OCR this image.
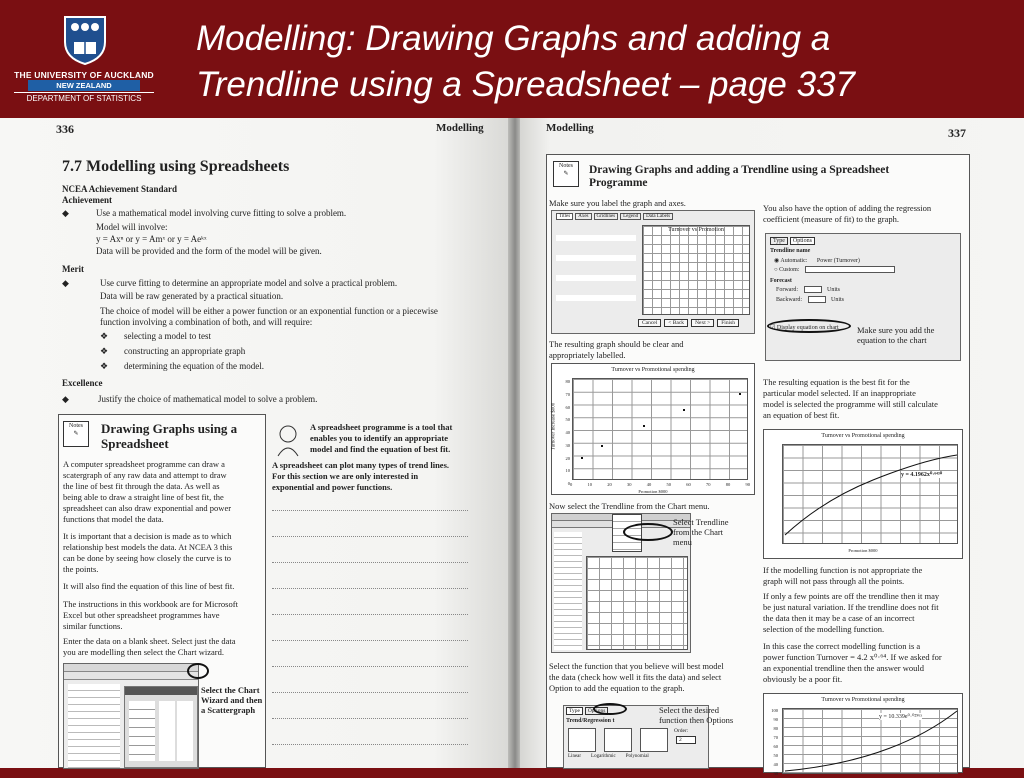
THE UNIVERSITY OF AUCKLAND
NEW ZEALAND
DEPARTMENT OF STATISTICS
Modelling: Drawing Graphs and adding a
Trendline using a Spreadsheet – page 337
336	Modelling
7.7 Modelling using Spreadsheets
NCEA Achievement Standard
Achievement
◆	Use a mathematical model involving curve fitting to solve a problem.
Model will involve:
y = Axⁿ or y = Amˣ or y = Aeᵏˣ
Data will be provided and the form of the model will be given.
Merit
◆	Use curve fitting to determine an appropriate model and solve a practical problem.
Data will be raw generated by a practical situation.
The choice of model will be either a power function or an exponential function or a piecewise
function involving a combination of both, and will require:
❖ selecting a model to test
❖ constructing an appropriate graph
❖ determining the equation of the model.
Excellence
◆	Justify the choice of mathematical model to solve a problem.
Notes
✎	Drawing Graphs using a
Spreadsheet
A computer spreadsheet programme can draw a
scatergraph of any raw data and attempt to draw
the line of best fit through the data. As well as
being able to draw a straight line of best fit, the
spreadsheet can also draw exponential and power
functions that model the data.
It is important that a decision is made as to which
relationship best models the data. At NCEA 3 this
can be done by seeing how closely the curve is to
the points.
It will also find the equation of this line of best fit.
The instructions in this workbook are for Microsoft
Excel but other spreadsheet programmes have
similar functions.
Enter the data on a blank sheet. Select just the data
you are modelling then select the Chart wizard.
Select the Chart
Wizard and then
a Scattergraph
A spreadsheet programme is a tool that
enables you to identify an appropriate
model and find the equation of best fit.
A spreadsheet can plot many types of trend lines.
For this section we are only interested in
exponential and power functions.
Modelling	337
Notes
✎	Drawing Graphs and adding a Trendline using a Spreadsheet
Programme
Make sure you label the graph and axes.
Titles	Axes	Gridlines	Legend	Data Labels
Turnover vs Promotion
Cancel	< Back	Next >	Finish
The resulting graph should be clear and
appropriately labelled.
Turnover vs Promotional spending
Turnover Increase $000
80
70
60
50
40
30
20
10
0 0	10	20	30	40	50	60	70	80	90
Promotion $000
Now select the Trendline from the Chart menu.
Select Trendline
from the Chart
menu
Select the function that you believe will best model
the data (check how well it fits the data) and select
Option to add the equation to the graph.
Type	Options
Trend/Regression t
Order:
2
Linear Logarithmic Polynomial
Select the desired
function then Options
You also have the option of adding the regression
coefficient (measure of fit) to the graph.
Type	Options
Trendline name
◉ Automatic: Power (Turnover)
○ Custom:
Forecast
Forward:	Units
Backward:	Units
☑ Display equation on chart Make sure you add the
equation to the chart
The resulting equation is the best fit for the
particular model selected. If an inappropriate
model is selected the programme will still calculate
an equation of best fit.
Turnover vs Promotional spending
y = 4.1962x⁰·⁶⁴³⁰
Promotion $000
If the modelling function is not appropriate the
graph will not pass through all the points.
If only a few points are off the trendline then it may
be just natural variation. If the trendline does not fit
the data then it may be a case of an incorrect
selection of the modelling function.
In this case the correct modelling function is a
power function Turnover = 4.2 x⁰·⁶⁴. If we asked for
an exponential trendline then the answer would
obviously be a poor fit.
Turnover vs Promotional spending
100
90
80
70
60
50
40
30
y = 10.339e⁰·⁰²⁹⁶ˣ
